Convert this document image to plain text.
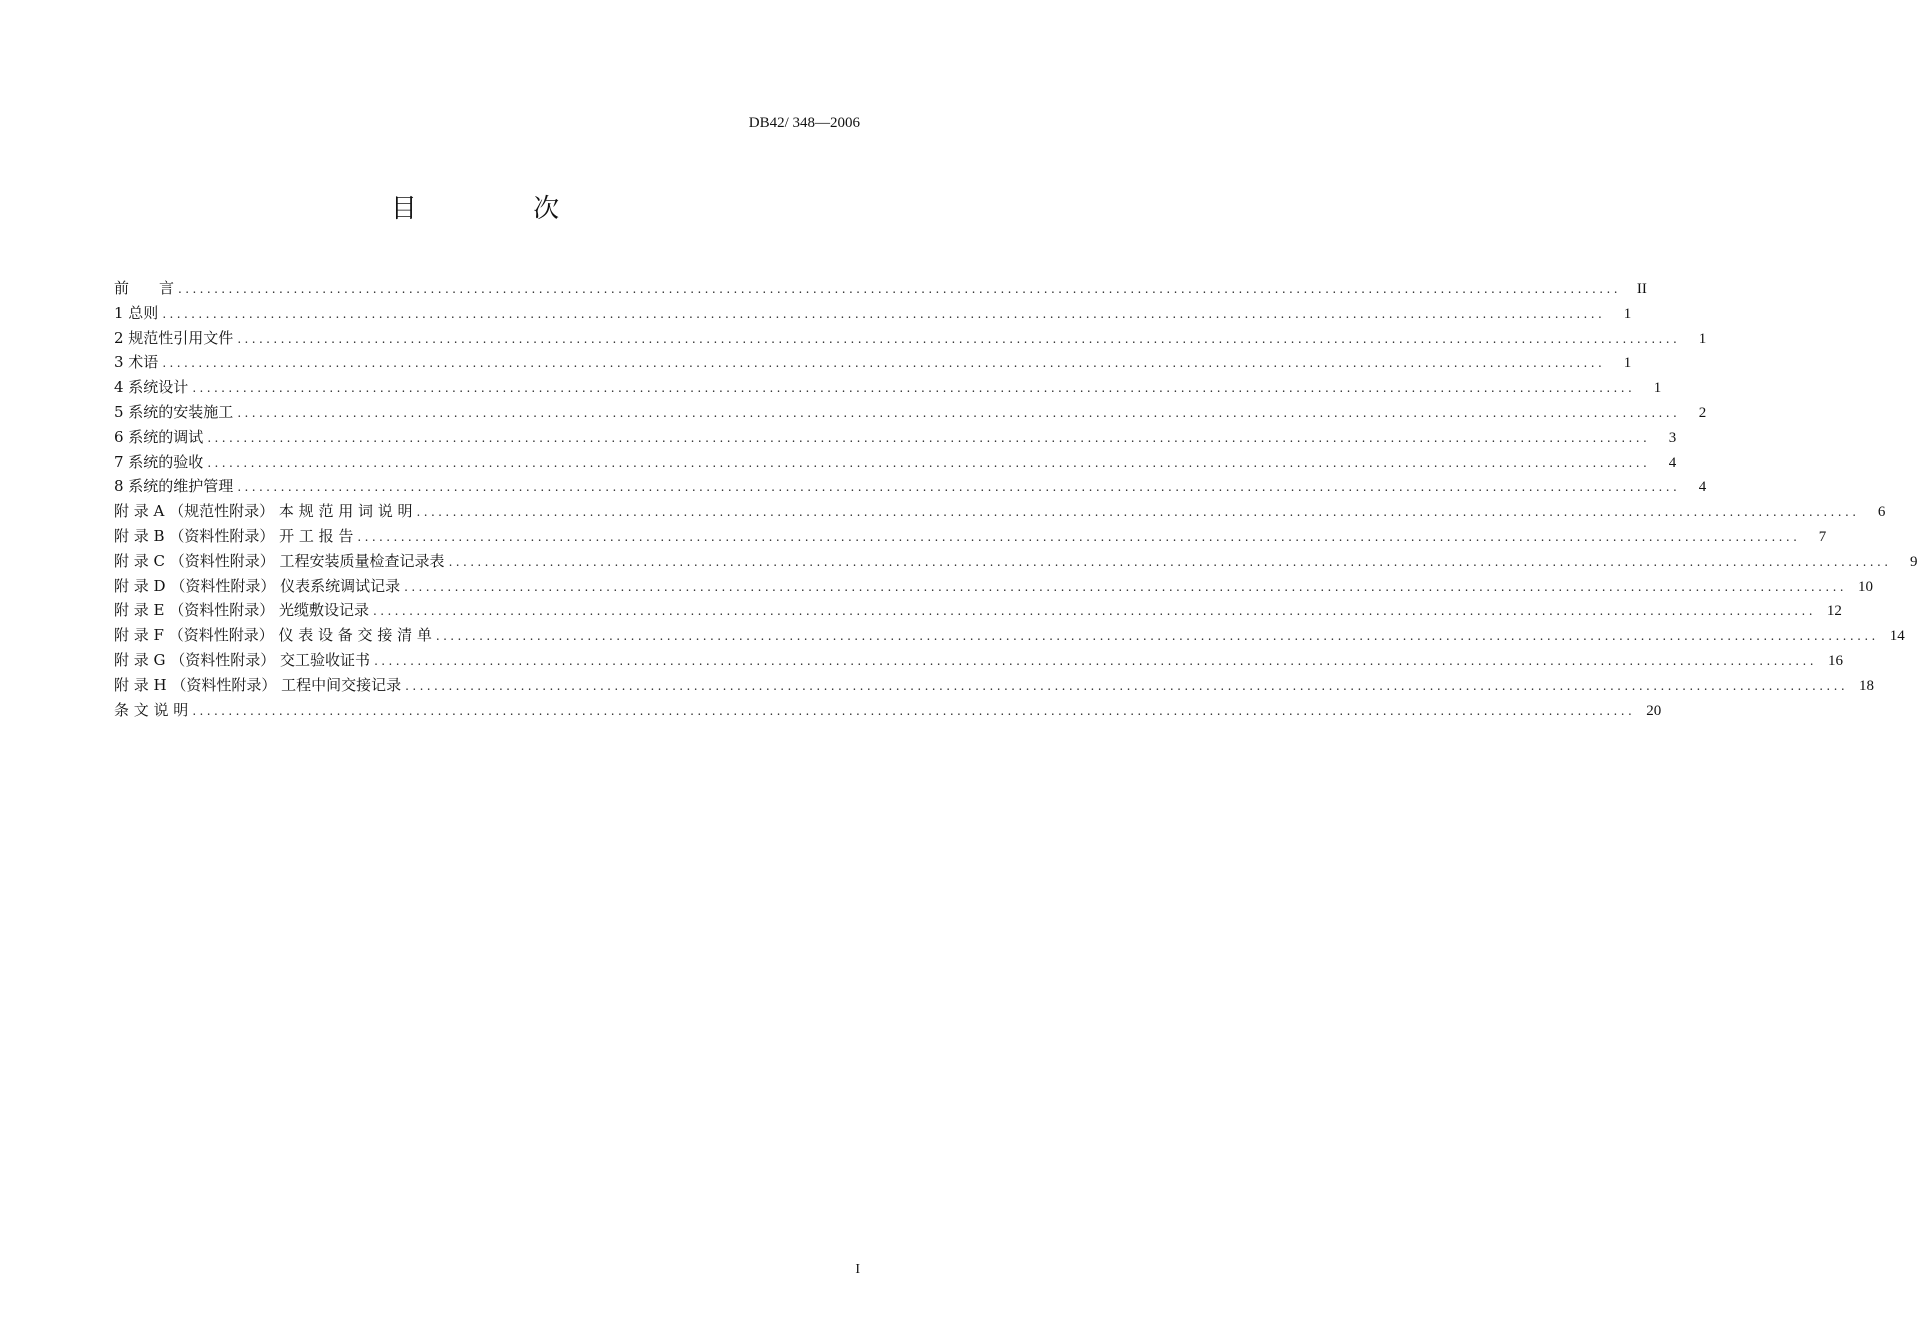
DB42/ 348—2006
目 次
前　　言 ........................................................................................................................................................................................................	II
1 总则 ........................................................................................................................................................................................................	1
2 规范性引用文件 ........................................................................................................................................................................................................	1
3 术语 ........................................................................................................................................................................................................	1
4 系统设计 ........................................................................................................................................................................................................	1
5 系统的安装施工 ........................................................................................................................................................................................................	2
6 系统的调试 ........................................................................................................................................................................................................	3
7 系统的验收 ........................................................................................................................................................................................................	4
8 系统的维护管理 ........................................................................................................................................................................................................	4
附 录 A （规范性附录） 本 规 范 用 词 说 明 ........................................................................................................................................................................................................	6
附 录 B （资料性附录） 开 工 报 告 ........................................................................................................................................................................................................	7
附 录 C （资料性附录） 工程安装质量检查记录表 ........................................................................................................................................................................................................	9
附 录 D （资料性附录） 仪表系统调试记录 ........................................................................................................................................................................................................ 10
附 录 E （资料性附录） 光缆敷设记录 ........................................................................................................................................................................................................ 12
附 录 F （资料性附录） 仪 表 设 备 交 接 清 单 ........................................................................................................................................................................................................ 14
附 录 G （资料性附录） 交工验收证书 ........................................................................................................................................................................................................ 16
附 录 H （资料性附录） 工程中间交接记录 ........................................................................................................................................................................................................ 18
条 文 说 明 ........................................................................................................................................................................................................ 20
I
